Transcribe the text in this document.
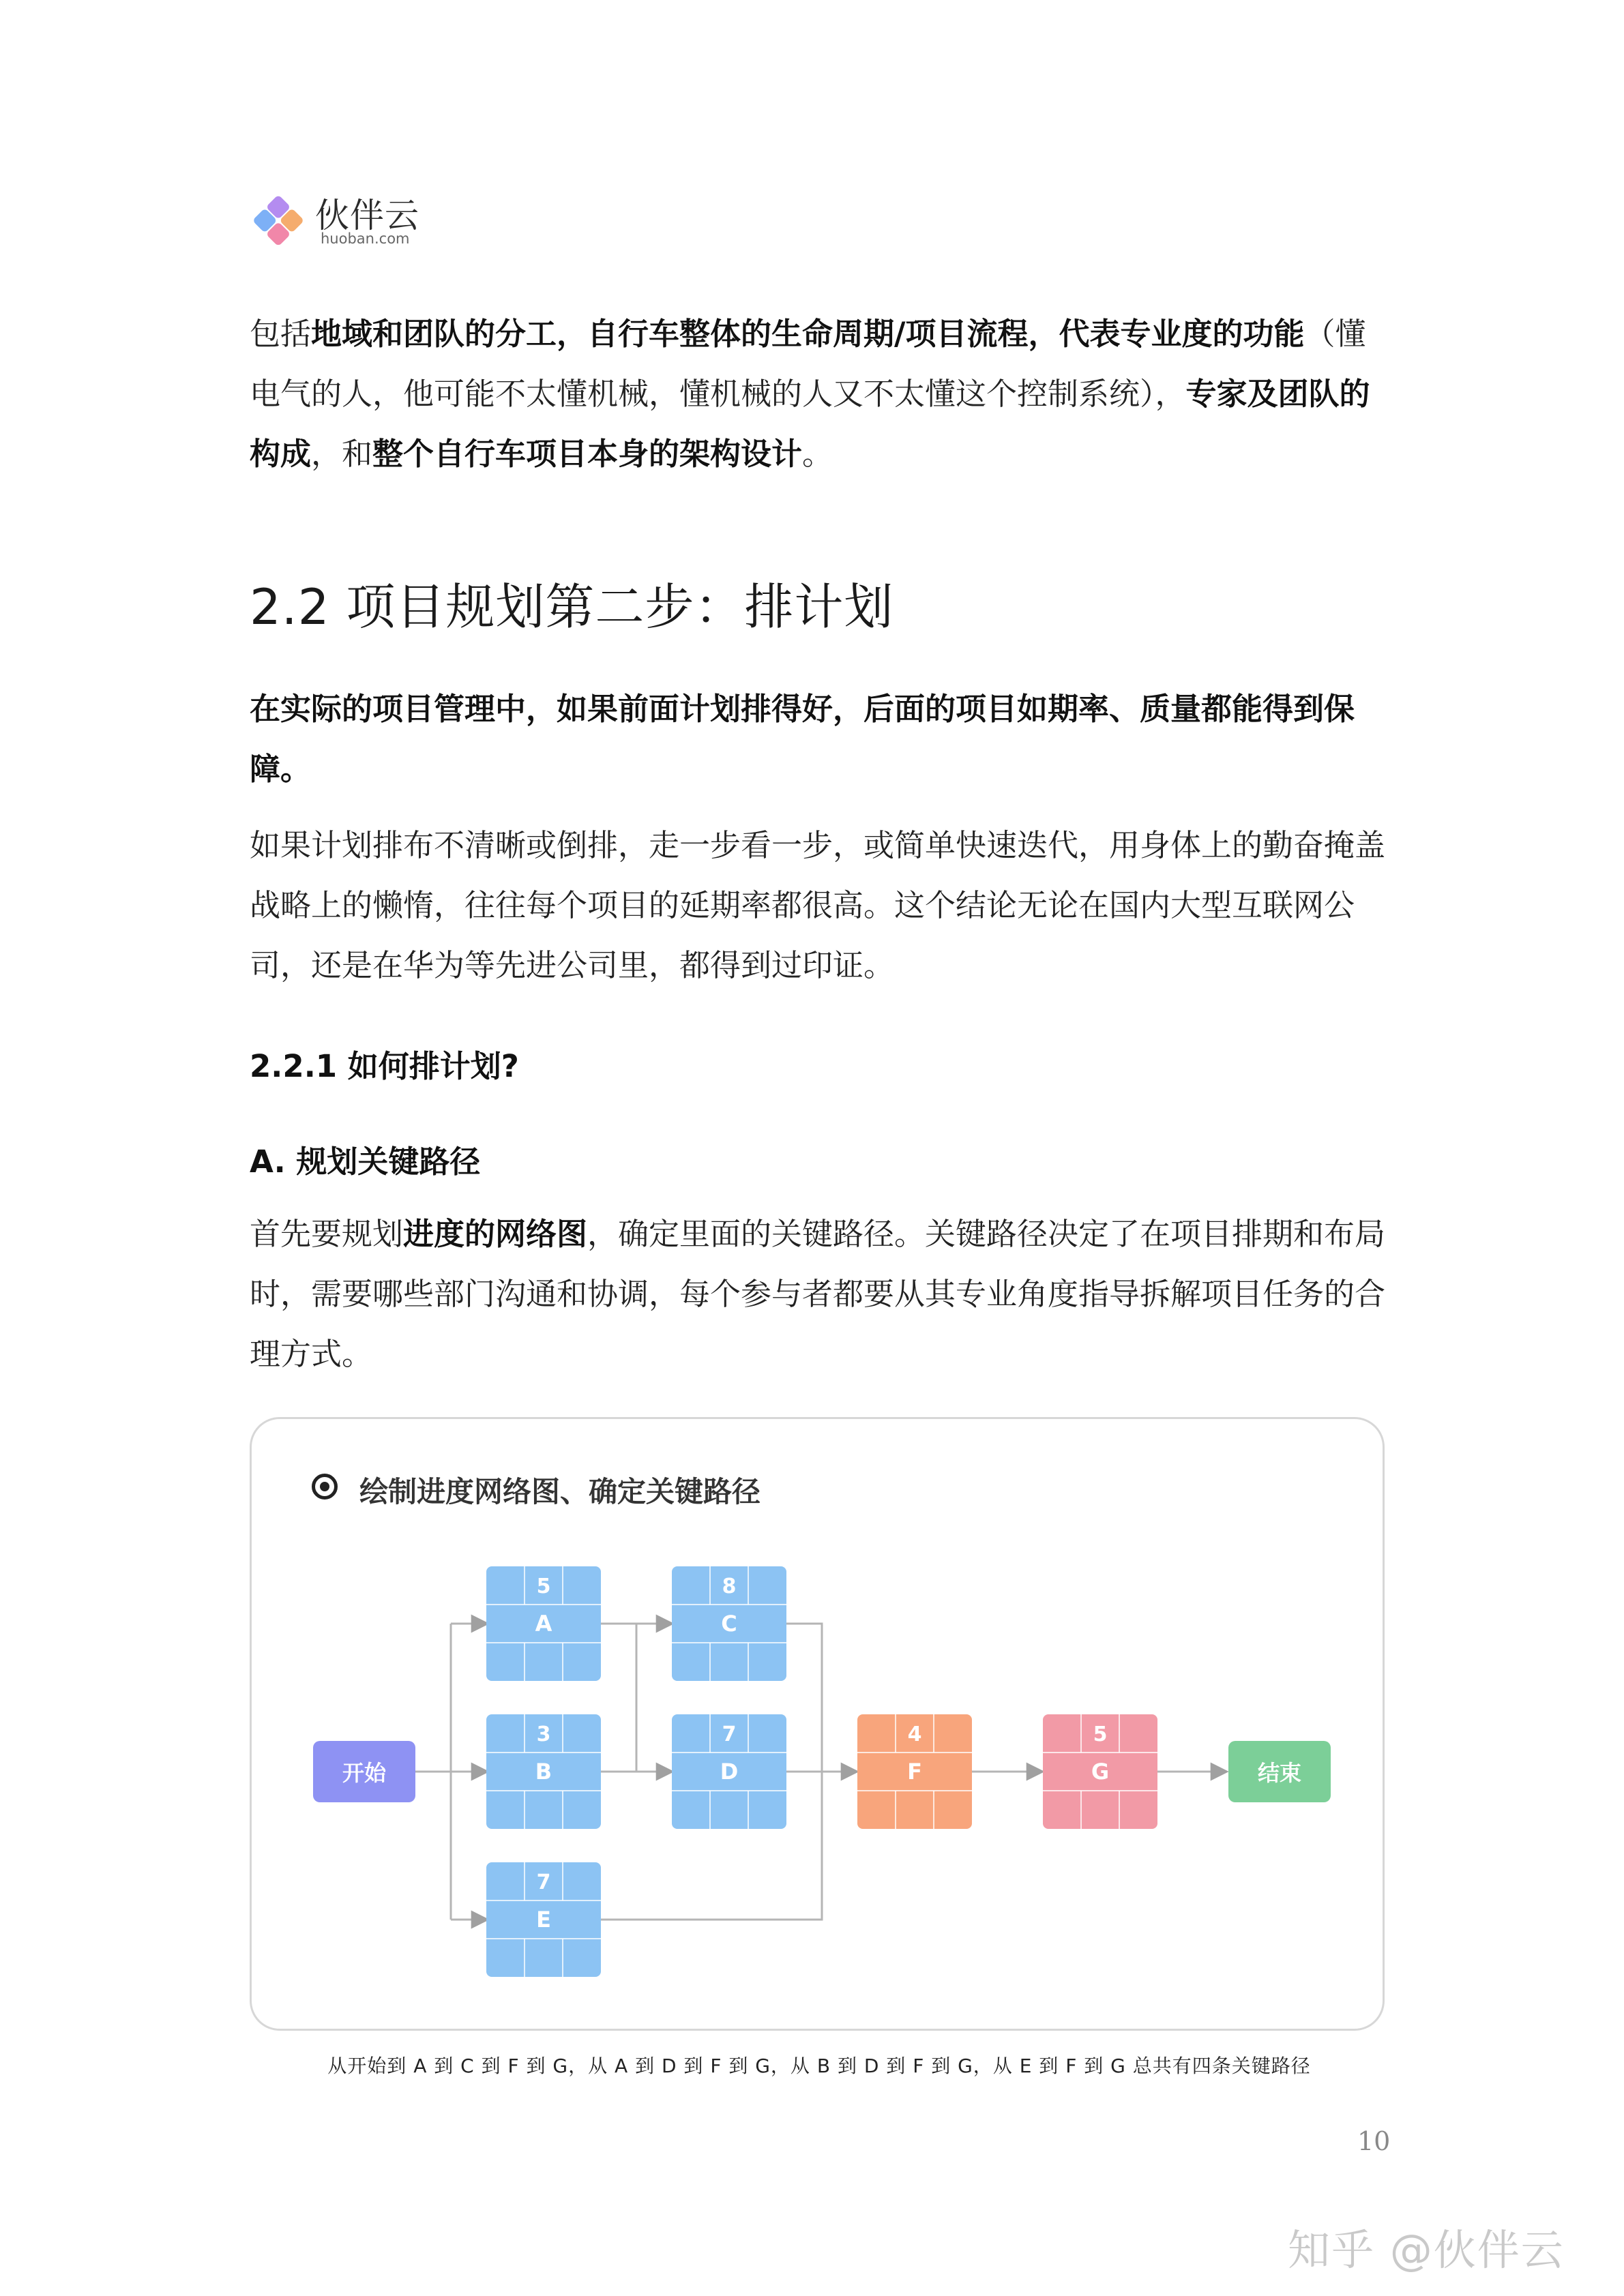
伙伴云
huoban.com
包括地域和团队的分工，自行车整体的生命周期/项目流程，代表专业度的功能（懂电气的人，他可能不太懂机械，懂机械的人又不太懂这个控制系统），专家及团队的构成，和整个自行车项目本身的架构设计。
2.2 项目规划第二步：排计划
在实际的项目管理中，如果前面计划排得好，后面的项目如期率、质量都能得到保障。
如果计划排布不清晰或倒排，走一步看一步，或简单快速迭代，用身体上的勤奋掩盖战略上的懒惰，往往每个项目的延期率都很高。这个结论无论在国内大型互联网公司，还是在华为等先进公司里，都得到过印证。
2.2.1 如何排计划?
A. 规划关键路径
首先要规划进度的网络图，确定里面的关键路径。关键路径决定了在项目排期和布局时，需要哪些部门沟通和协调，每个参与者都要从其专业角度指导拆解项目任务的合理方式。
绘制进度网络图、确定关键路径
开始	结束
5
A
3
B
7
E
8
C
7
D
4
F
5
G
从开始到 A 到 C 到 F 到 G，从 A 到 D 到 F 到 G，从 B 到 D 到 F 到 G，从 E 到 F 到 G 总共有四条关键路径
10
知乎 @伙伴云
